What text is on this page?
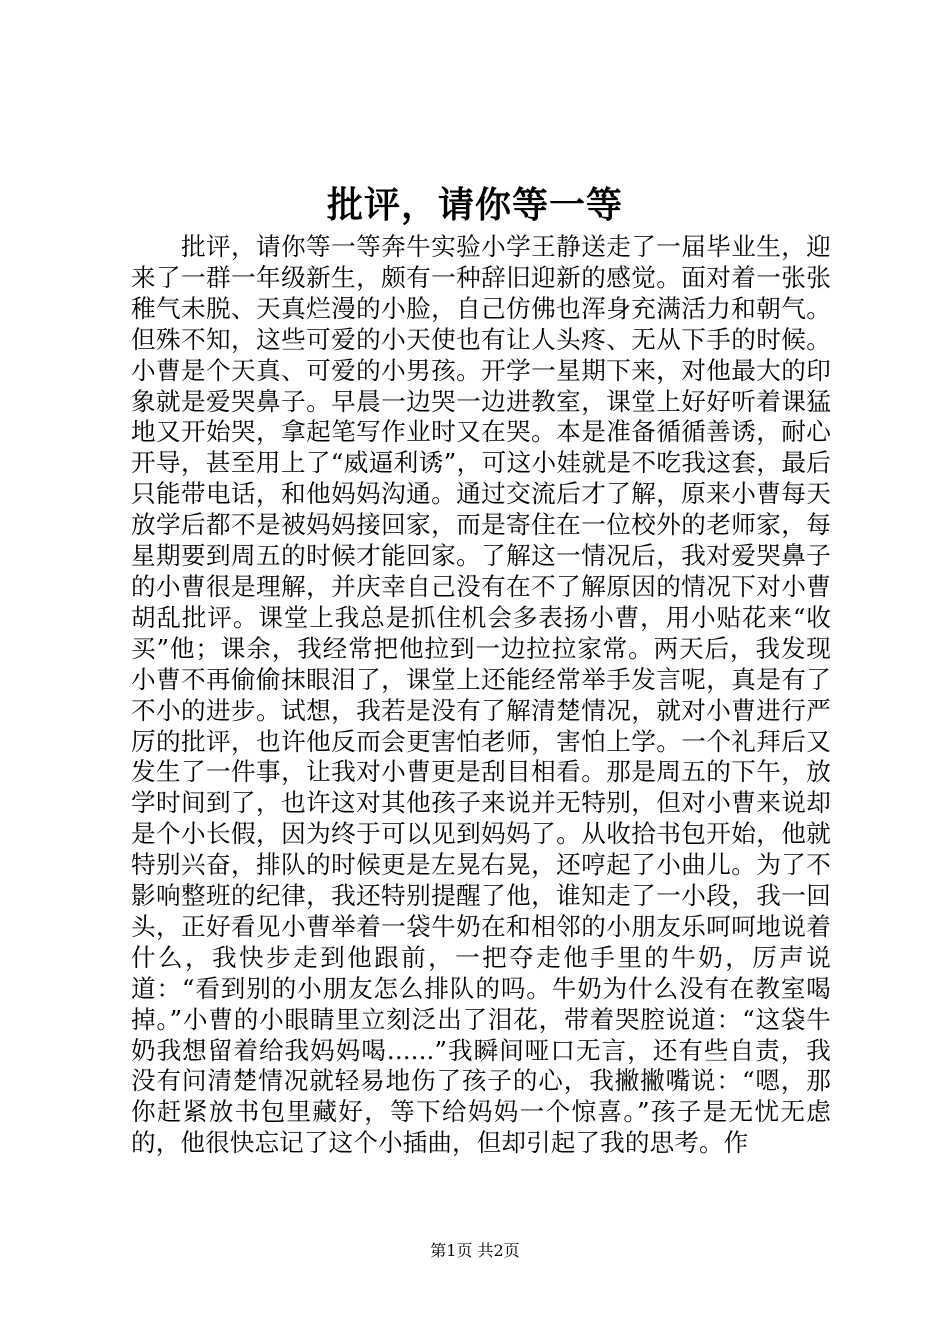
批评，请你等一等
批评，请你等一等奔牛实验小学王静送走了一届毕业生，迎来了一群一年级新生，颇有一种辞旧迎新的感觉。面对着一张张稚气未脱、天真烂漫的小脸，自己仿佛也浑身充满活力和朝气。但殊不知，这些可爱的小天使也有让人头疼、无从下手的时候。小曹是个天真、可爱的小男孩。开学一星期下来，对他最大的印象就是爱哭鼻子。早晨一边哭一边进教室，课堂上好好听着课猛地又开始哭，拿起笔写作业时又在哭。本是准备循循善诱，耐心开导，甚至用上了“威逼利诱”，可这小娃就是不吃我这套，最后只能带电话，和他妈妈沟通。通过交流后才了解，原来小曹每天放学后都不是被妈妈接回家，而是寄住在一位校外的老师家，每星期要到周五的时候才能回家。了解这一情况后，我对爱哭鼻子的小曹很是理解，并庆幸自己没有在不了解原因的情况下对小曹胡乱批评。课堂上我总是抓住机会多表扬小曹，用小贴花来“收买”他；课余，我经常把他拉到一边拉拉家常。两天后，我发现小曹不再偷偷抹眼泪了，课堂上还能经常举手发言呢，真是有了不小的进步。试想，我若是没有了解清楚情况，就对小曹进行严厉的批评，也许他反而会更害怕老师，害怕上学。一个礼拜后又发生了一件事，让我对小曹更是刮目相看。那是周五的下午，放学时间到了，也许这对其他孩子来说并无特别，但对小曹来说却是个小长假，因为终于可以见到妈妈了。从收拾书包开始，他就特别兴奋，排队的时候更是左晃右晃，还哼起了小曲儿。为了不影响整班的纪律，我还特别提醒了他，谁知走了一小段，我一回头，正好看见小曹举着一袋牛奶在和相邻的小朋友乐呵呵地说着什么，我快步走到他跟前，一把夺走他手里的牛奶，厉声说道：“看到别的小朋友怎么排队的吗。牛奶为什么没有在教室喝掉。”小曹的小眼睛里立刻泛出了泪花，带着哭腔说道：“这袋牛奶我想留着给我妈妈喝......”我瞬间哑口无言，还有些自责，我没有问清楚情况就轻易地伤了孩子的心，我撇撇嘴说：“嗯，那你赶紧放书包里藏好，等下给妈妈一个惊喜。”孩子是无忧无虑的，他很快忘记了这个小插曲，但却引起了我的思考。作
第1页 共2页
